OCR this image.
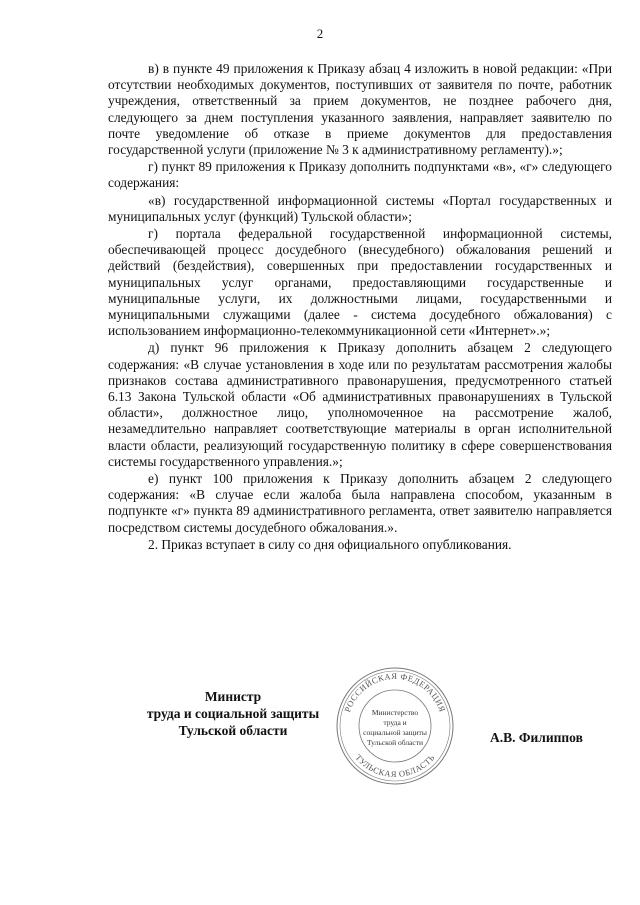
2

в) в пункте 49 приложения к Приказу абзац 4 изложить в новой редакции: «При отсутствии необходимых документов, поступивших от заявителя по почте, работник учреждения, ответственный за прием документов, не позднее рабочего дня, следующего за днем поступления указанного заявления, направляет заявителю по почте уведомление об отказе в приеме документов для предоставления государственной услуги (приложение № 3 к административному регламенту).»;

г) пункт 89 приложения к Приказу дополнить подпунктами «в», «г» следующего содержания:

«в) государственной информационной системы «Портал государственных и муниципальных услуг (функций) Тульской области»;

г) портала федеральной государственной информационной системы, обеспечивающей процесс досудебного (внесудебного) обжалования решений и действий (бездействия), совершенных при предоставлении государственных и муниципальных услуг органами, предоставляющими государственные и муниципальные услуги, их должностными лицами, государственными и муниципальными служащими (далее - система досудебного обжалования) с использованием информационно-телекоммуникационной сети «Интернет».»;

д) пункт 96 приложения к Приказу дополнить абзацем 2 следующего содержания: «В случае установления в ходе или по результатам рассмотрения жалобы признаков состава административного правонарушения, предусмотренного статьей 6.13 Закона Тульской области «Об административных правонарушениях в Тульской области», должностное лицо, уполномоченное на рассмотрение жалоб, незамедлительно направляет соответствующие материалы в орган исполнительной власти области, реализующий государственную политику в сфере совершенствования системы государственного управления.»;

е) пункт 100 приложения к Приказу дополнить абзацем 2 следующего содержания: «В случае если жалоба была направлена способом, указанным в подпункте «г» пункта 89 административного регламента, ответ заявителю направляется посредством системы досудебного обжалования.».

2. Приказ вступает в силу со дня официального опубликования.

Министр
труда и социальной защиты
Тульской области
РОССИЙСКАЯ ФЕДЕРАЦИЯ
ТУЛЬСКАЯ ОБЛАСТЬ
Министерство
труда и
социальной защиты
Тульской области	А.В. Филиппов
